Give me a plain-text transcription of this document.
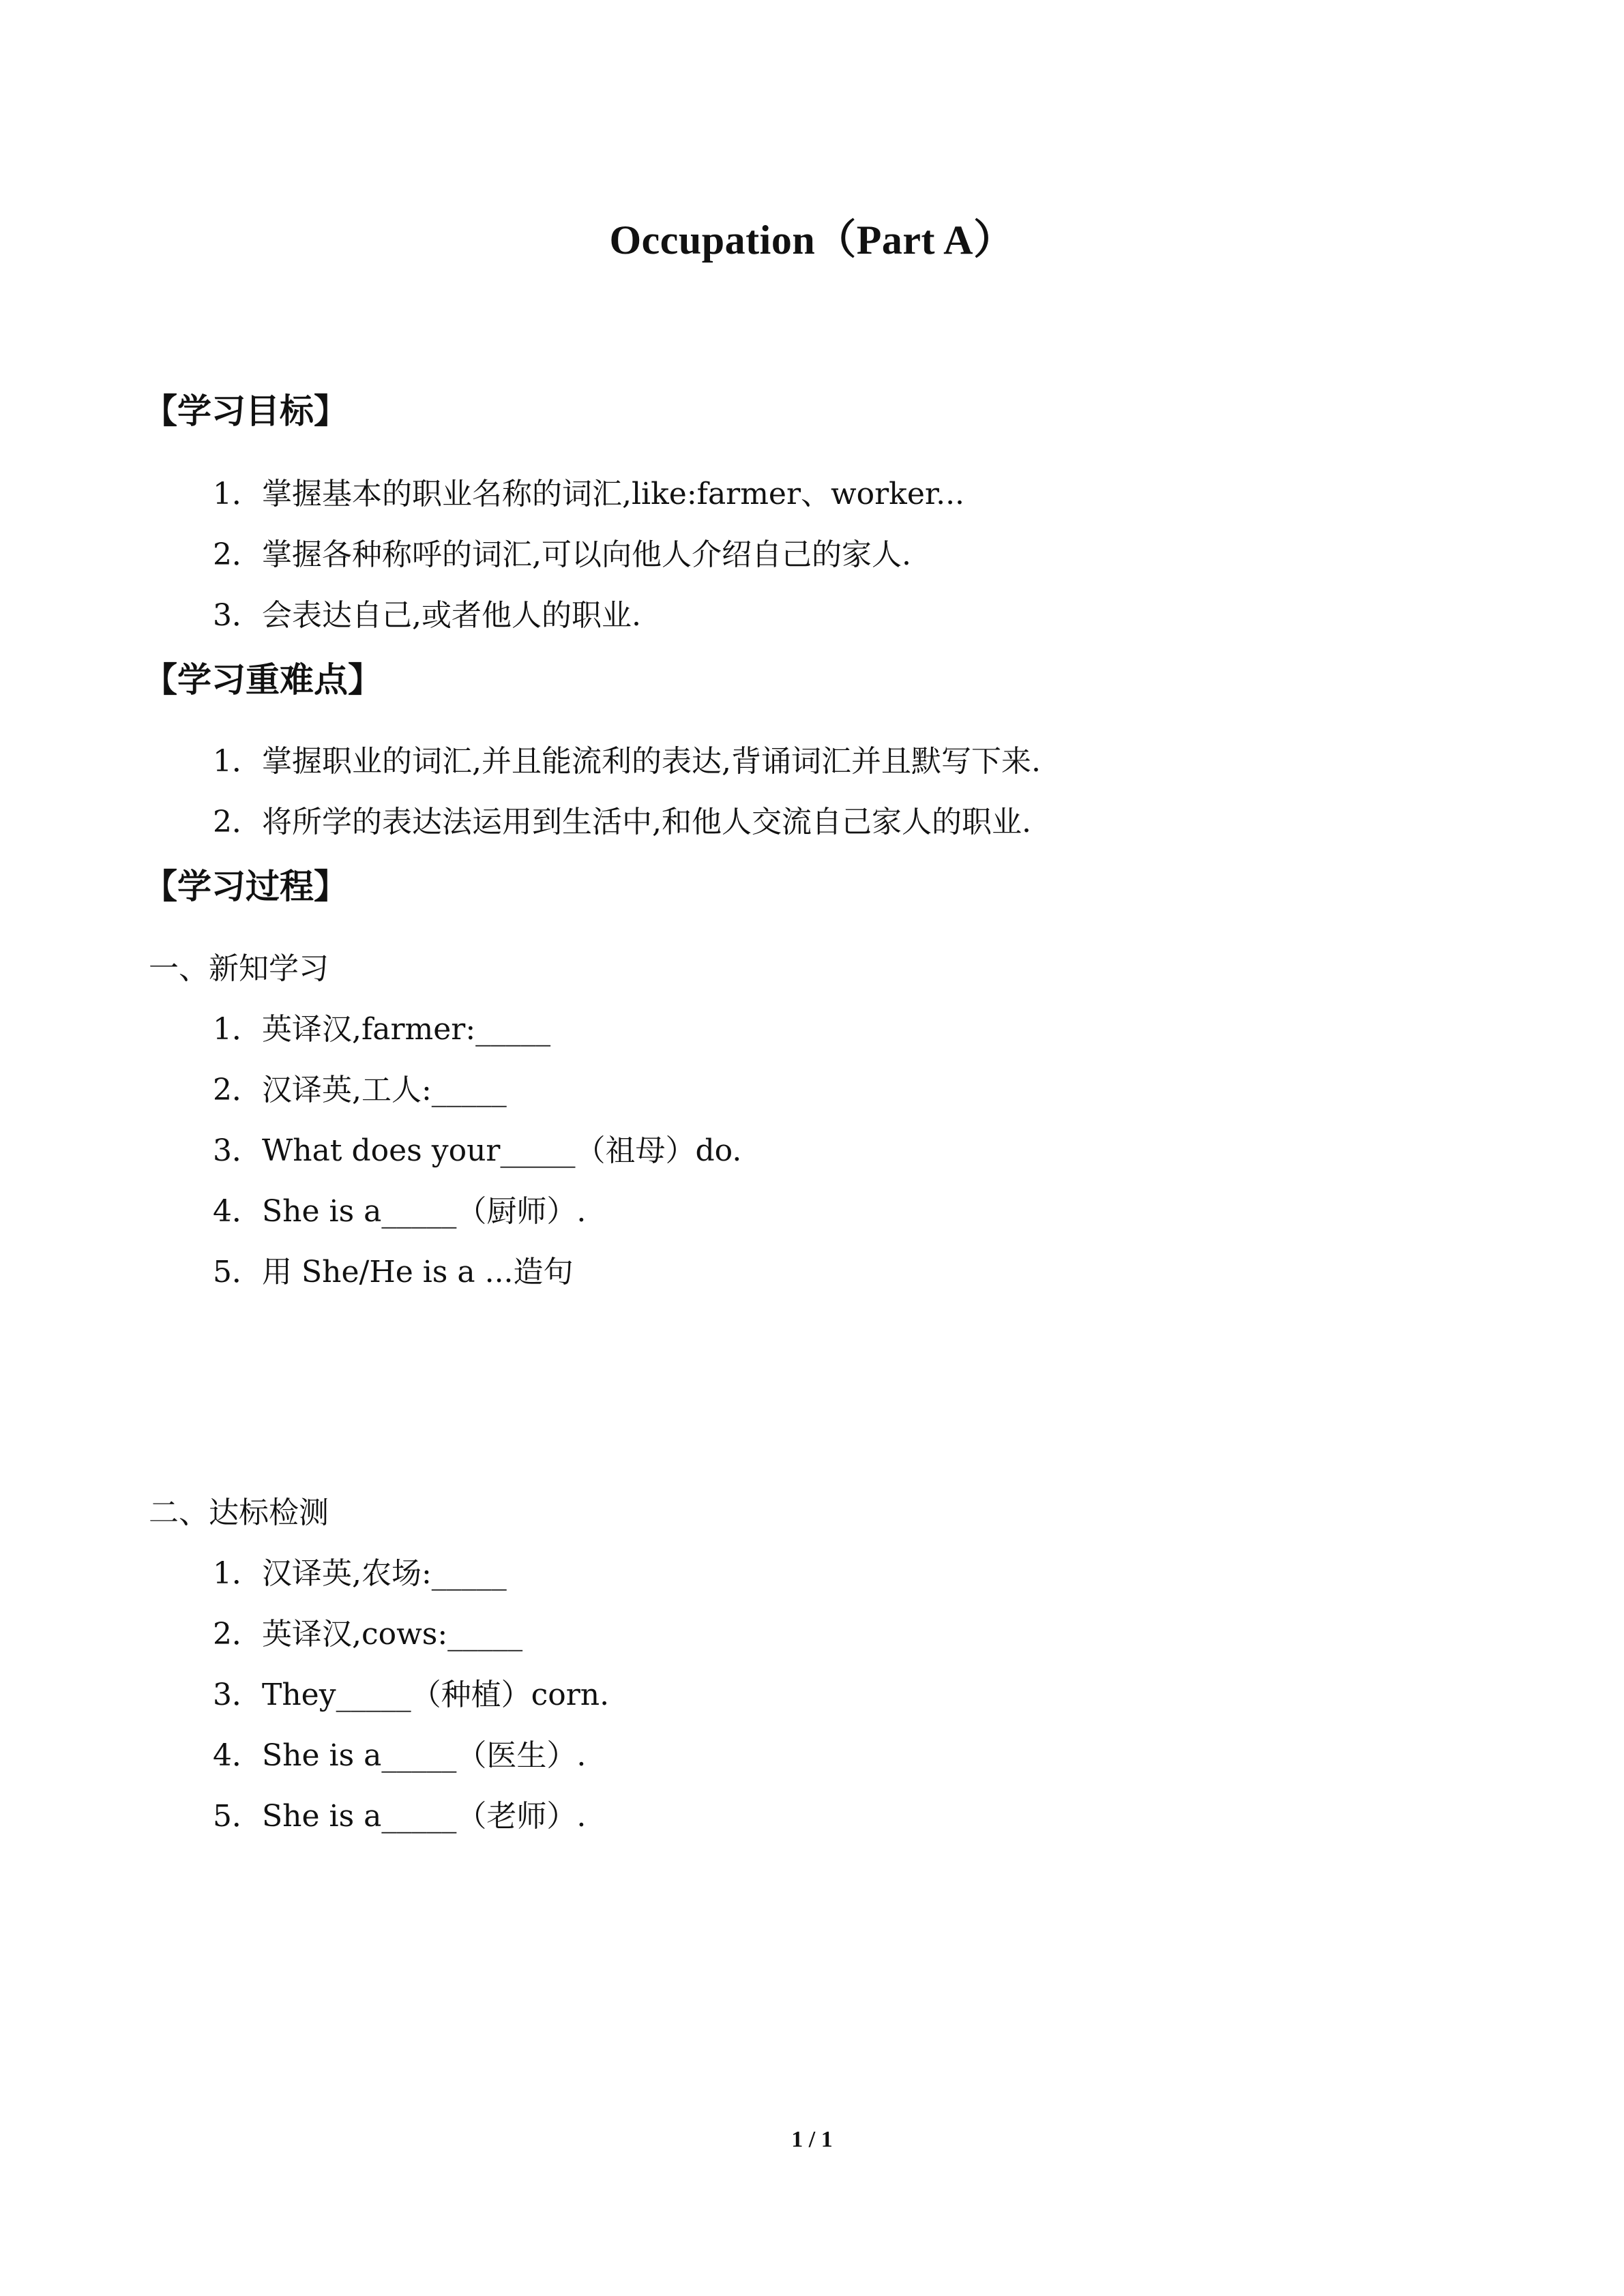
Occupation（Part A）
【学习目标】
1．掌握基本的职业名称的词汇,like:farmer、worker...
2．掌握各种称呼的词汇,可以向他人介绍自己的家人.
3．会表达自己,或者他人的职业.
【学习重难点】
1．掌握职业的词汇,并且能流利的表达,背诵词汇并且默写下来.
2．将所学的表达法运用到生活中,和他人交流自己家人的职业.
【学习过程】
一、新知学习
1．英译汉,farmer:_____
2．汉译英,工人:_____
3．What does your_____（祖母）do.
4．She is a_____（厨师）.
5．用 She/He is a ...造句
二、达标检测
1．汉译英,农场:_____
2．英译汉,cows:_____
3．They_____（种植）corn.
4．She is a_____（医生）.
5．She is a_____（老师）.
1 / 1
